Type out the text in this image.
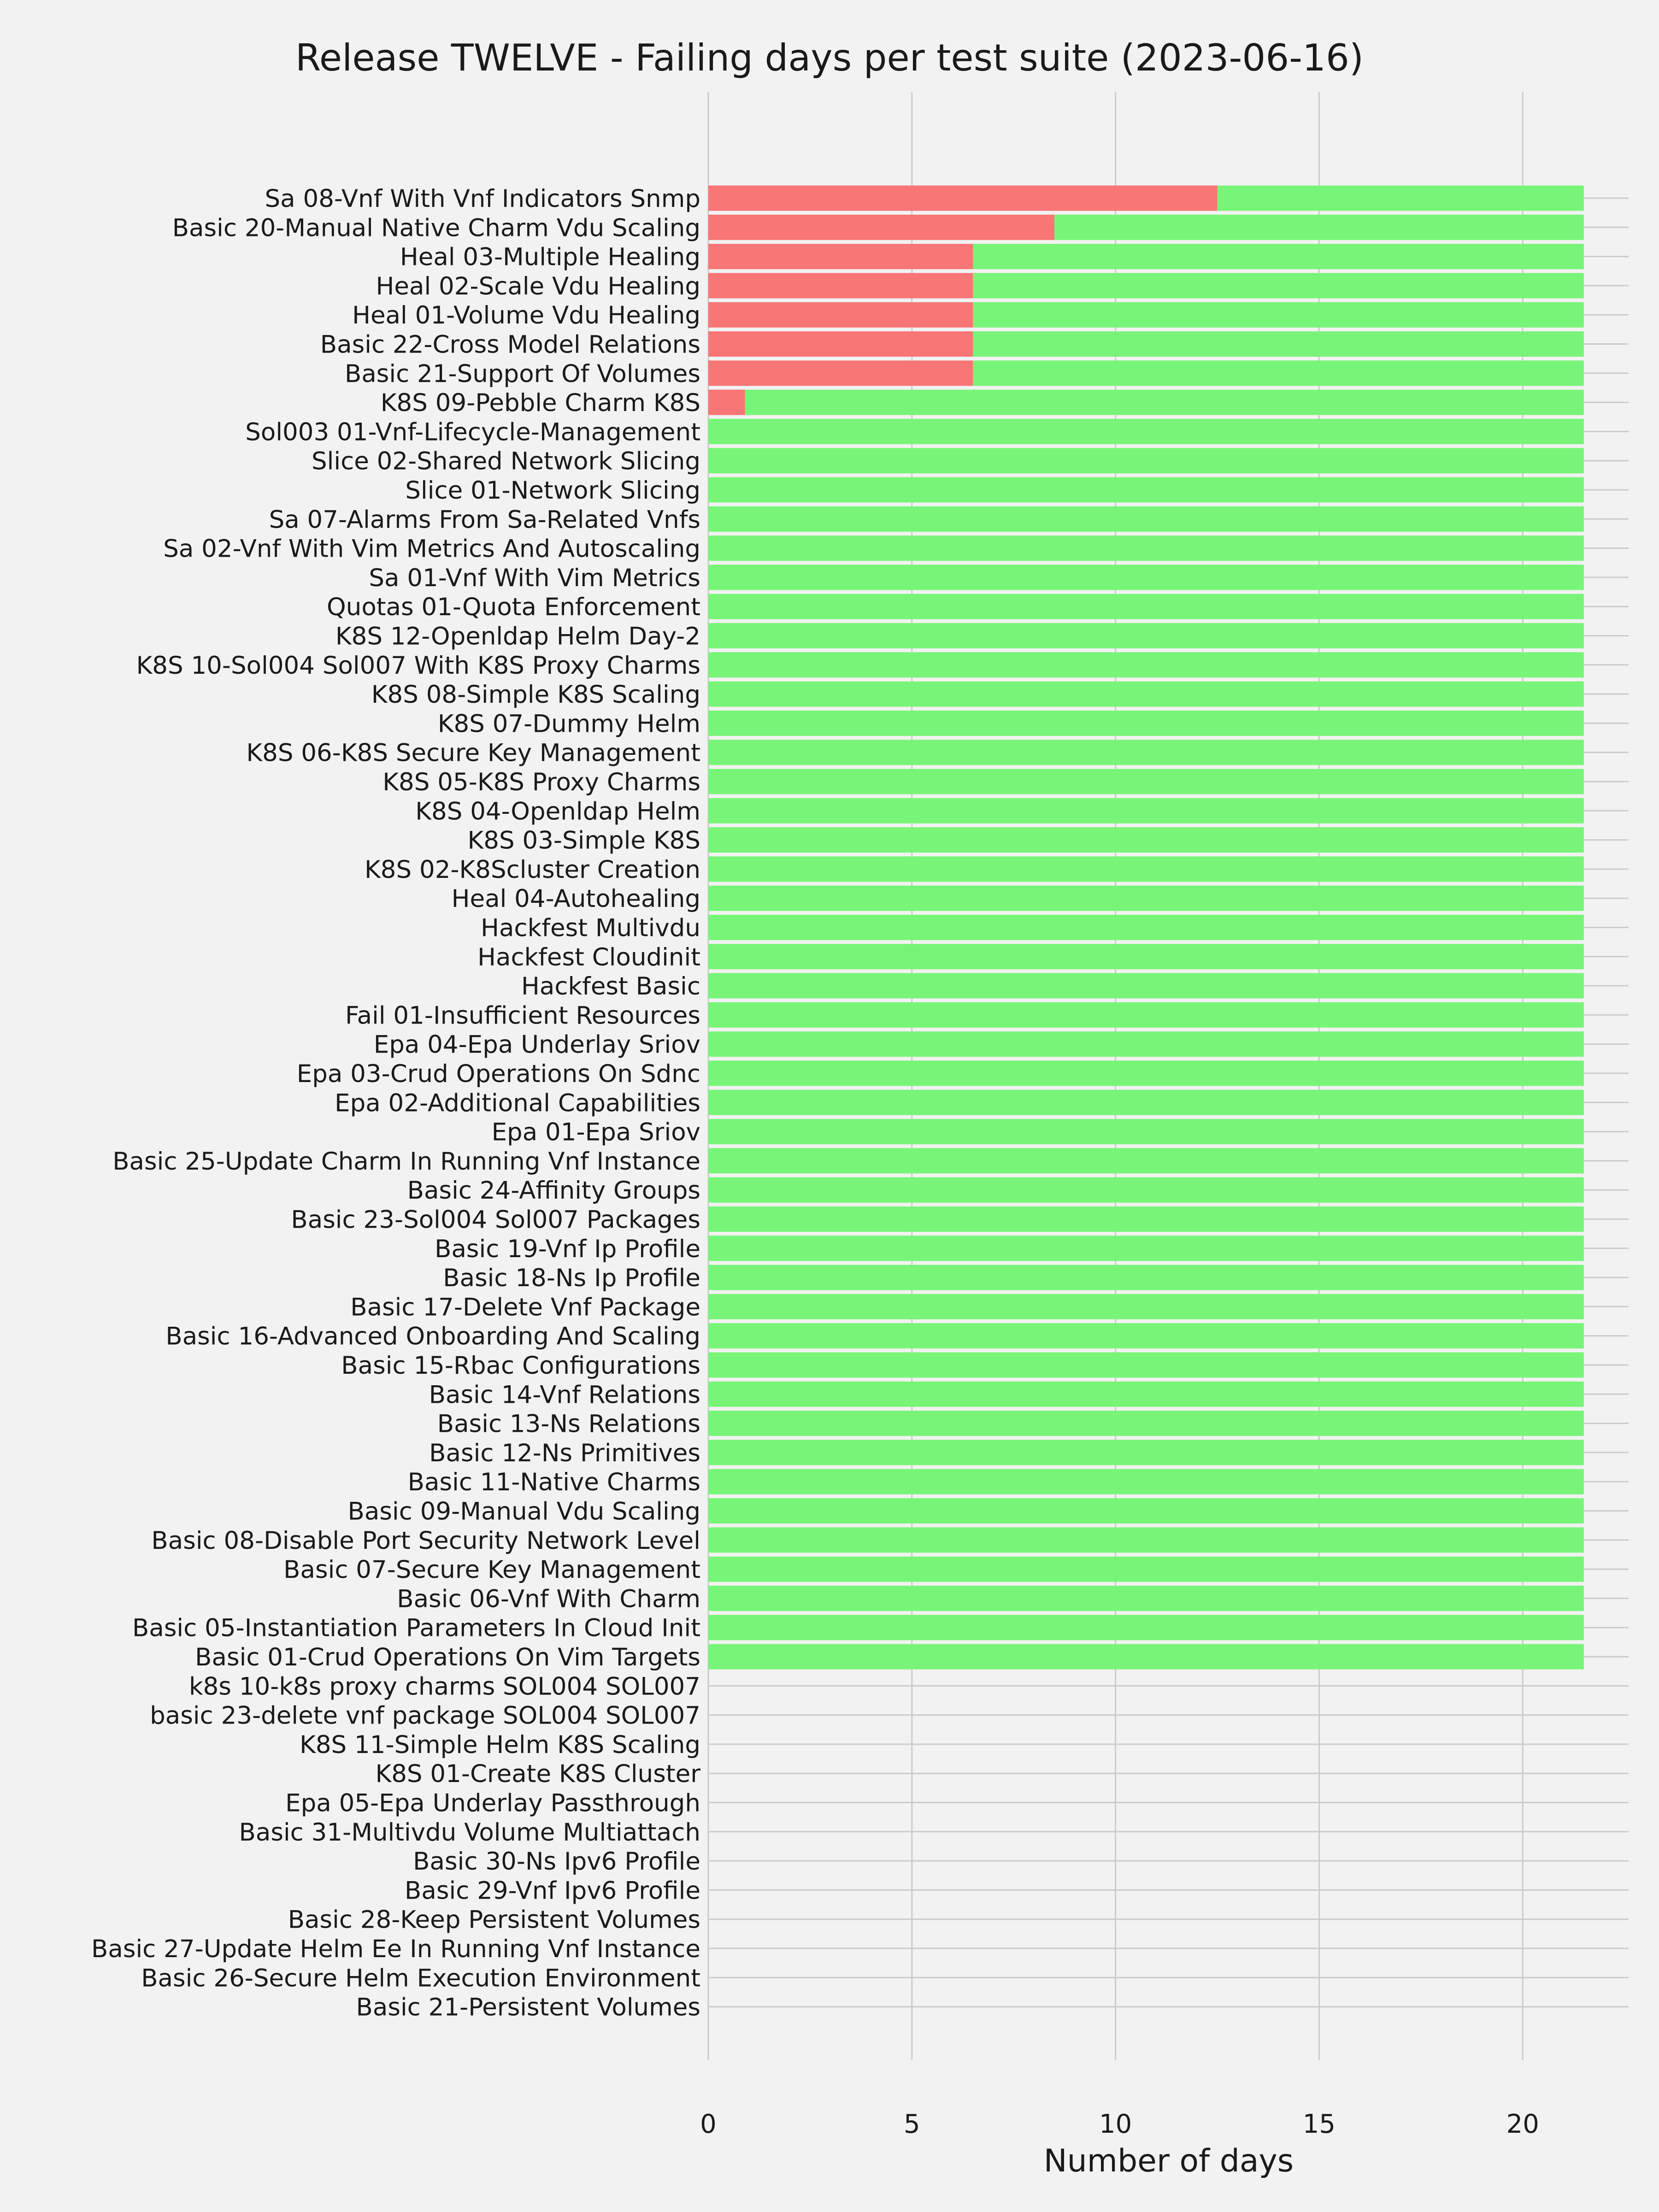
0	5	10	15	20
Sa 08-Vnf With Vnf Indicators Snmp
Basic 20-Manual Native Charm Vdu Scaling
Heal 03-Multiple Healing
Heal 02-Scale Vdu Healing
Heal 01-Volume Vdu Healing
Basic 22-Cross Model Relations
Basic 21-Support Of Volumes
K8S 09-Pebble Charm K8S
Sol003 01-Vnf-Lifecycle-Management
Slice 02-Shared Network Slicing
Slice 01-Network Slicing
Sa 07-Alarms From Sa-Related Vnfs
Sa 02-Vnf With Vim Metrics And Autoscaling
Sa 01-Vnf With Vim Metrics
Quotas 01-Quota Enforcement
K8S 12-Openldap Helm Day-2
K8S 10-Sol004 Sol007 With K8S Proxy Charms
K8S 08-Simple K8S Scaling
K8S 07-Dummy Helm
K8S 06-K8S Secure Key Management
K8S 05-K8S Proxy Charms
K8S 04-Openldap Helm
K8S 03-Simple K8S
K8S 02-K8Scluster Creation
Heal 04-Autohealing
Hackfest Multivdu
Hackfest Cloudinit
Hackfest Basic
Fail 01-Insufficient Resources
Epa 04-Epa Underlay Sriov
Epa 03-Crud Operations On Sdnc
Epa 02-Additional Capabilities
Epa 01-Epa Sriov
Basic 25-Update Charm In Running Vnf Instance
Basic 24-Affinity Groups
Basic 23-Sol004 Sol007 Packages
Basic 19-Vnf Ip Profile
Basic 18-Ns Ip Profile
Basic 17-Delete Vnf Package
Basic 16-Advanced Onboarding And Scaling
Basic 15-Rbac Configurations
Basic 14-Vnf Relations
Basic 13-Ns Relations
Basic 12-Ns Primitives
Basic 11-Native Charms
Basic 09-Manual Vdu Scaling
Basic 08-Disable Port Security Network Level
Basic 07-Secure Key Management
Basic 06-Vnf With Charm
Basic 05-Instantiation Parameters In Cloud Init
Basic 01-Crud Operations On Vim Targets
k8s 10-k8s proxy charms SOL004 SOL007
basic 23-delete vnf package SOL004 SOL007
K8S 11-Simple Helm K8S Scaling
K8S 01-Create K8S Cluster
Epa 05-Epa Underlay Passthrough
Basic 31-Multivdu Volume Multiattach
Basic 30-Ns Ipv6 Profile
Basic 29-Vnf Ipv6 Profile
Basic 28-Keep Persistent Volumes
Basic 27-Update Helm Ee In Running Vnf Instance
Basic 26-Secure Helm Execution Environment
Basic 21-Persistent Volumes
Release TWELVE - Failing days per test suite (2023-06-16)
Number of days
